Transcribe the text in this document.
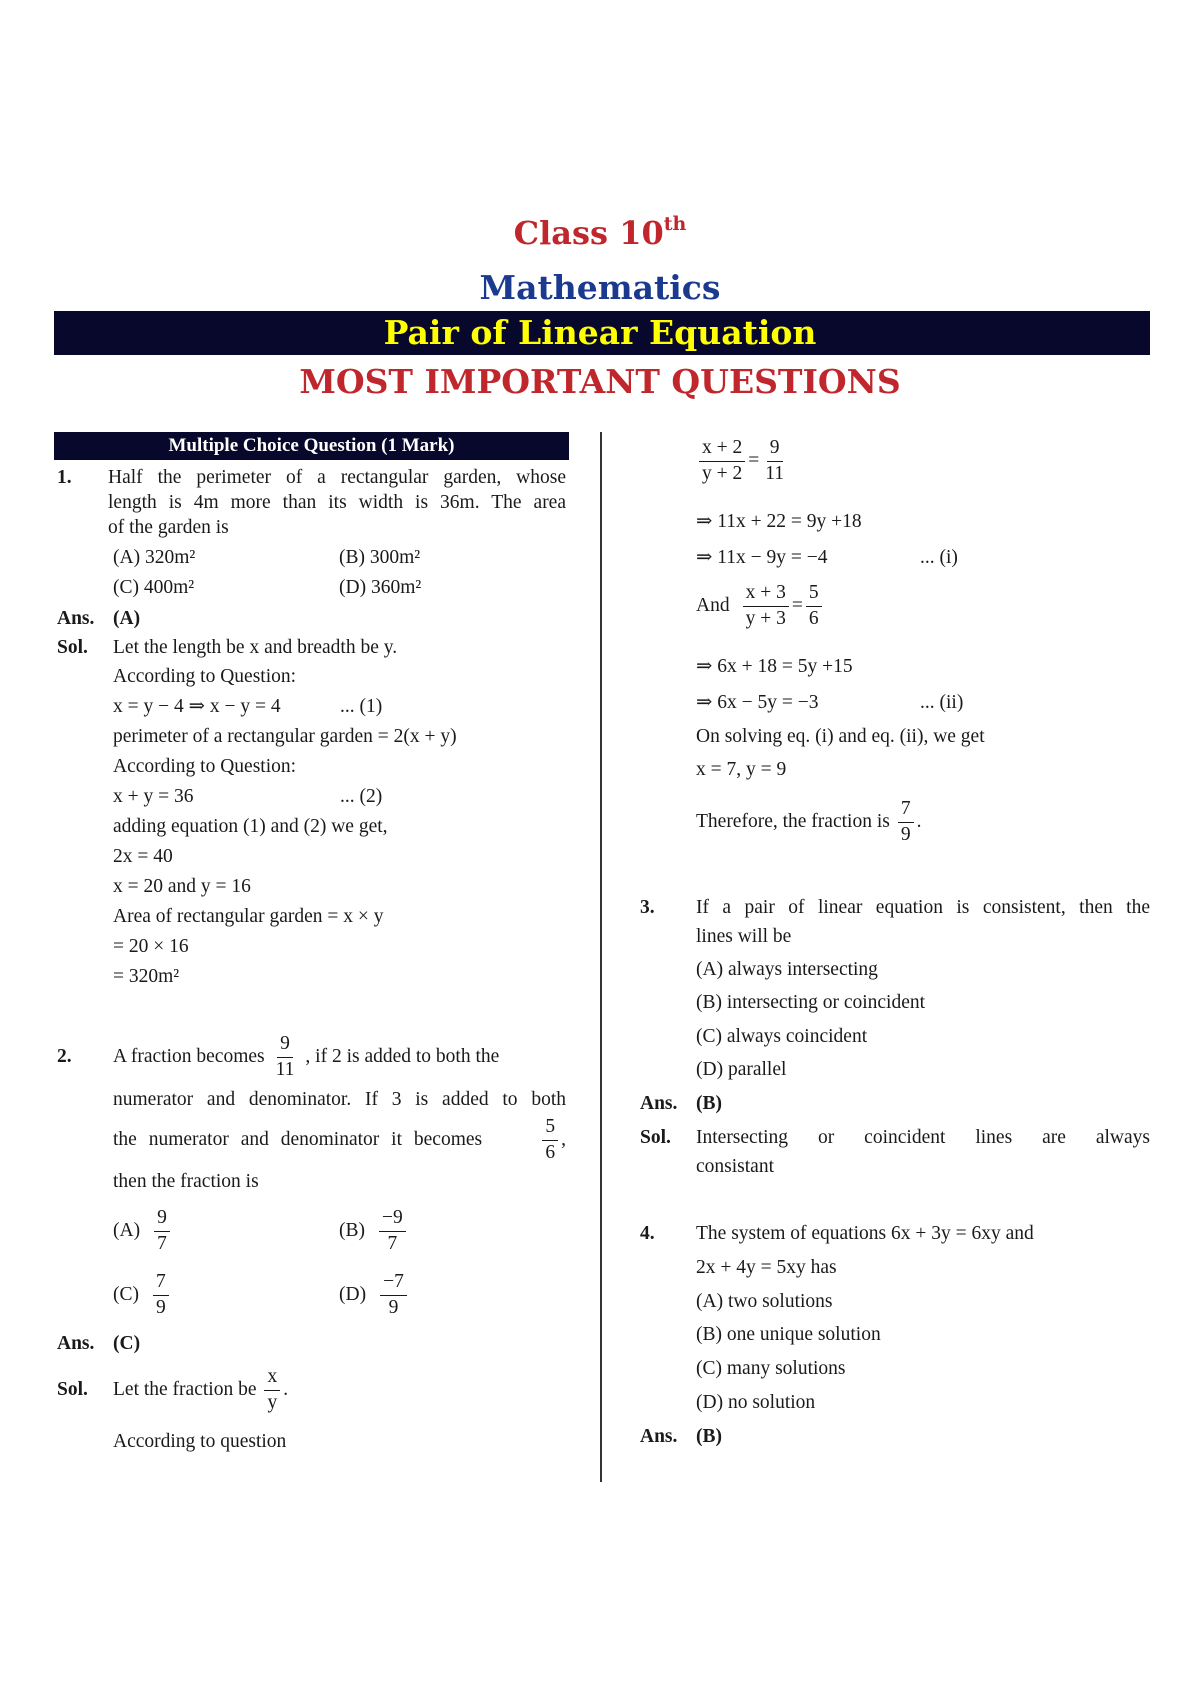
Class 10th
Mathematics
Pair of Linear Equation
MOST IMPORTANT QUESTIONS
Multiple Choice Question (1 Mark)
1. Half the perimeter of a rectangular garden, whose
length is 4m more than its width is 36m. The area
of the garden is
(A) 320m²	(B) 300m²
(C) 400m²	(D) 360m²
Ans. (A)
Sol. Let the length be x and breadth be y.
According to Question:
x = y − 4 ⇒ x − y = 4	... (1)
perimeter of a rectangular garden = 2(x + y)
According to Question:
x + y = 36	... (2)
adding equation (1) and (2) we get,
2x = 40
x = 20 and y = 16
Area of rectangular garden = x × y
= 20 × 16
= 320m²
2. A fraction becomes $\frac{9}{11}$ , if 2 is added to both the
numerator and denominator. If 3 is added to both
the numerator and denominator it becomes	$\frac{5}{6}$ ,
then the fraction is
$(A) \frac{9}{7}$	$(B) \frac{-9}{7}$
$(C) \frac{7}{9}$	$(D) \frac{-7}{9}$
Ans. (C)
Sol. Let the fraction be $\frac{x}{y}$ .
According to question
$\frac{x + 2}{y + 2} = \frac{9}{11}$
⇒ 11x + 22 = 9y +18
⇒ 11x − 9y = −4	... (i)
And $\frac{x + 3}{y + 3} = \frac{5}{6}$
⇒ 6x + 18 = 5y +15
⇒ 6x − 5y = −3	... (ii)
On solving eq. (i) and eq. (ii), we get
x = 7, y = 9
Therefore, the fraction is $\frac{7}{9}$ .
3. If a pair of linear equation is consistent, then the
lines will be
(A) always intersecting
(B) intersecting or coincident
(C) always coincident
(D) parallel
Ans. (B)
Sol. Intersecting or coincident lines are always
consistant
4. The system of equations 6x + 3y = 6xy and
2x + 4y = 5xy has
(A) two solutions
(B) one unique solution
(C) many solutions
(D) no solution
Ans. (B)
